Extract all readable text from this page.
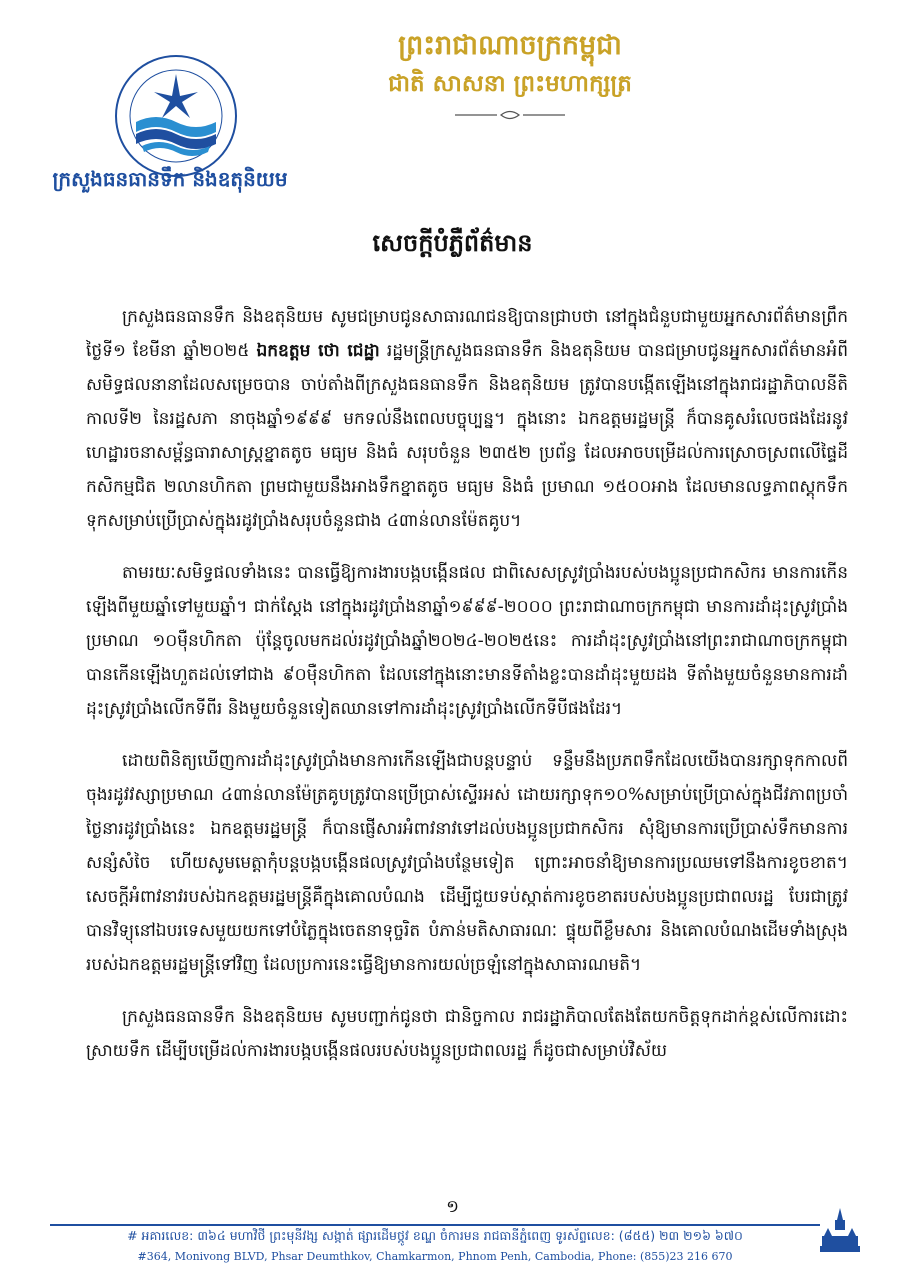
ក្រសួងធនធានទឹក និងឧតុនិយម
ព្រះរាជាណាចក្រកម្ពុជា
ជាតិ សាសនា ព្រះមហាក្សត្រ
សេចក្តីបំភ្លឺព័ត៌មាន

ក្រសួងធនធានទឹក និងឧតុនិយម សូមជម្រាបជូនសាធារណជនឱ្យបានជ្រាបថា នៅក្នុងជំនួបជាមួយអ្នកសារព័ត៌មានព្រឹកថ្ងៃទី១ ខែមីនា ឆ្នាំ២០២៥ ឯកឧត្តម ថោ ជេដ្ឋា រដ្ឋមន្ត្រីក្រសួងធនធានទឹក និងឧតុនិយម បានជម្រាបជូនអ្នកសារព័ត៌មានអំពីសមិទ្ធផលនានាដែលសម្រេចបាន ចាប់តាំងពីក្រសួងធនធានទឹក និងឧតុនិយម ត្រូវបានបង្កើតឡើងនៅក្នុងរាជរដ្ឋាភិបាលនីតិកាលទី២ នៃរដ្ឋសភា នាចុងឆ្នាំ១៩៩៩ មកទល់នឹងពេលបច្ចុប្បន្ន។ ក្នុងនោះ ឯកឧត្តមរដ្ឋមន្ត្រី ក៏បានគូសរំលេចផងដែរនូវហេដ្ឋារចនាសម្ព័ន្ធធារាសាស្ត្រខ្នាតតូច មធ្យម និងធំ សរុបចំនួន ២៣៥២ ប្រព័ន្ធ ដែលអាចបម្រើដល់ការស្រោចស្រពលើផ្ទៃដីកសិកម្មជិត ២លានហិកតា ព្រមជាមួយនឹងអាងទឹកខ្នាតតូច មធ្យម និងធំ ប្រមាណ ១៥០០អាង ដែលមានលទ្ធភាពស្តុកទឹកទុកសម្រាប់ប្រើប្រាស់ក្នុងរដូវប្រាំងសរុបចំនួនជាង ៤៣ាន់លានម៉ែតគូប។

តាមរយៈសមិទ្ធផលទាំងនេះ បានធ្វើឱ្យការងារបង្កបង្កើនផល ជាពិសេសស្រូវប្រាំងរបស់បងប្អូនប្រជាកសិករ មានការកើនឡើងពីមួយឆ្នាំទៅមួយឆ្នាំ។ ជាក់ស្តែង នៅក្នុងរដូវប្រាំងនាឆ្នាំ១៩៩៩-២០០០ ព្រះរាជាណាចក្រកម្ពុជា មានការដាំដុះស្រូវប្រាំងប្រមាណ ១០ម៉ឺនហិកតា ប៉ុន្តែចូលមកដល់រដូវប្រាំងឆ្នាំ២០២៤-២០២៥នេះ ការដាំដុះស្រូវប្រាំងនៅព្រះរាជាណាចក្រកម្ពុជាបានកើនឡើងហួតដល់ទៅជាង ៩០ម៉ឺនហិកតា ដែលនៅក្នុងនោះមានទីតាំងខ្លះបានដាំដុះមួយដង ទីតាំងមួយចំនួនមានការដាំដុះស្រូវប្រាំងលើកទីពីរ និងមួយចំនួនទៀតឈានទៅការដាំដុះស្រូវប្រាំងលើកទីបីផងដែរ។

ដោយពិនិត្យឃើញការដាំដុះស្រូវប្រាំងមានការកើនឡើងជាបន្តបន្ទាប់ ទន្ទឹមនឹងប្រភពទឹកដែលយើងបានរក្សាទុកកាលពីចុងរដូវវស្សាប្រមាណ ៤៣ាន់លានម៉ែត្រគូបត្រូវបានប្រើប្រាស់ស្ទើរអស់ ដោយរក្សាទុក១០%សម្រាប់ប្រើប្រាស់ក្នុងជីវភាពប្រចាំថ្ងៃនារដូវប្រាំងនេះ ឯកឧត្តមរដ្ឋមន្ត្រី ក៏បានផ្ញើសារអំពាវនាវទៅដល់បងប្អូនប្រជាកសិករ សុំឱ្យមានការប្រើប្រាស់ទឹកមានការសន្សំសំចៃ ហើយសូមមេត្តាកុំបន្តបង្កបង្កើនផលស្រូវប្រាំងបន្ថែមទៀត ព្រោះអាចនាំឱ្យមានការប្រឈមទៅនឹងការខូចខាត។ សេចក្តីអំពាវនាវរបស់ឯកឧត្តមរដ្ឋមន្ត្រីគឺក្នុងគោលបំណង ដើម្បីជួយទប់ស្កាត់ការខូចខាតរបស់បងប្អូនប្រជាពលរដ្ឋ បែរជាត្រូវបានវិទ្យុនៅឯបរទេសមួយយកទៅបំភ្លៃក្នុងចេតនាទុច្ចរិត បំភាន់មតិសាធារណៈ ផ្ទុយពីខ្លឹមសារ និងគោលបំណងដើមទាំងស្រុងរបស់ឯកឧត្តមរដ្ឋមន្ត្រីទៅវិញ ដែលប្រការនេះធ្វើឱ្យមានការយល់ច្រឡំនៅក្នុងសាធារណមតិ។

ក្រសួងធនធានទឹក និងឧតុនិយម សូមបញ្ជាក់ជូនថា ជានិច្ចកាល រាជរដ្ឋាភិបាលតែងតែយកចិត្តទុកដាក់ខ្ពស់លើការដោះស្រាយទឹក ដើម្បីបម្រើដល់ការងារបង្កបង្កើនផលរបស់បងប្អូនប្រជាពលរដ្ឋ ក៏ដូចជាសម្រាប់វិស័យ

១
# អគារលេខ: ៣៦៤ មហាវិថី ព្រះមុនីវង្ស សង្កាត់ ផ្សារដើមថ្កូវ ខណ្ឌ ចំការមន រាជធានីភ្នំពេញ ទូរស័ព្ទលេខ: (៨៥៥) ២៣ ២១៦ ៦៧០
#364, Monivong BLVD, Phsar Deumthkov, Chamkarmon, Phnom Penh, Cambodia, Phone: (855)23 216 670
